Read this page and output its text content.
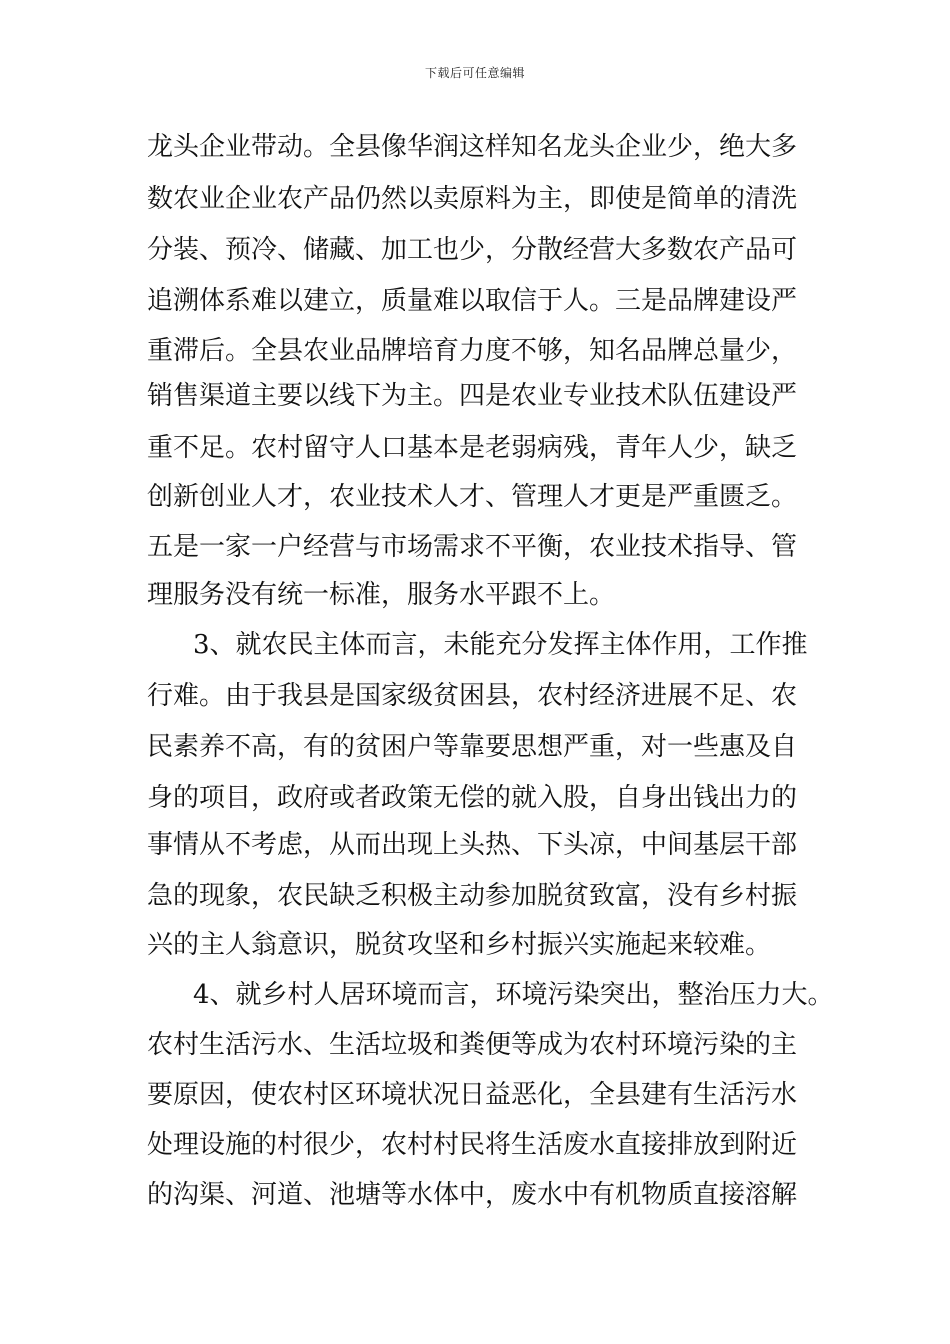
下载后可任意编辑
龙头企业带动。全县像华润这样知名龙头企业少，绝大多
数农业企业农产品仍然以卖原料为主，即使是简单的清洗
分装、预冷、储藏、加工也少，分散经营大多数农产品可
追溯体系难以建立，质量难以取信于人。三是品牌建设严
重滞后。全县农业品牌培育力度不够，知名品牌总量少，
销售渠道主要以线下为主。四是农业专业技术队伍建设严
重不足。农村留守人口基本是老弱病残，青年人少，缺乏
创新创业人才，农业技术人才、管理人才更是严重匮乏。
五是一家一户经营与市场需求不平衡，农业技术指导、管
理服务没有统一标准，服务水平跟不上。
3、就农民主体而言，未能充分发挥主体作用，工作推
行难。由于我县是国家级贫困县，农村经济进展不足、农
民素养不高，有的贫困户等靠要思想严重，对一些惠及自
身的项目，政府或者政策无偿的就入股，自身出钱出力的
事情从不考虑，从而出现上头热、下头凉，中间基层干部
急的现象，农民缺乏积极主动参加脱贫致富，没有乡村振
兴的主人翁意识，脱贫攻坚和乡村振兴实施起来较难。
4、就乡村人居环境而言，环境污染突出，整治压力大。
农村生活污水、生活垃圾和粪便等成为农村环境污染的主
要原因，使农村区环境状况日益恶化，全县建有生活污水
处理设施的村很少，农村村民将生活废水直接排放到附近
的沟渠、河道、池塘等水体中，废水中有机物质直接溶解
